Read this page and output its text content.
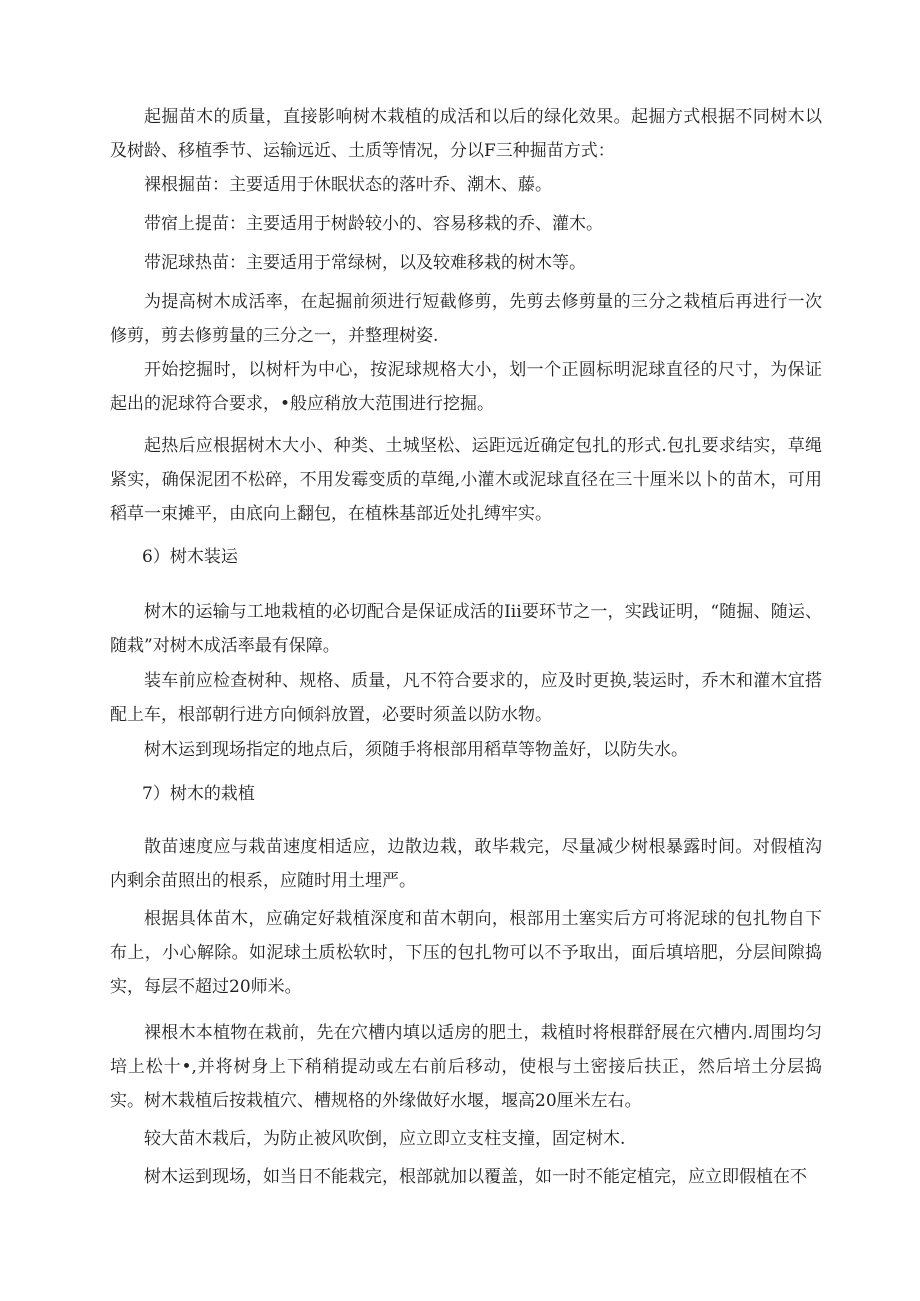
起掘苗木的质量，直接影响树木栽植的成活和以后的绿化效果。起掘方式根据不同树木以及树龄、移植季节、运输远近、土质等情况，分以F三种掘苗方式：

裸根掘苗：主要适用于休眠状态的落叶乔、潮木、藤。

带宿上提苗：主要适用于树龄较小的、容易移栽的乔、灌木。

带泥球热苗：主要适用于常绿树，以及较难移栽的树木等。

为提高树木成活率，在起掘前须进行短截修剪，先剪去修剪量的三分之栽植后再进行一次修剪，剪去修剪量的三分之一，并整理树姿.

开始挖掘时，以树杆为中心，按泥球规格大小，划一个正圆标明泥球直径的尺寸，为保证起出的泥球符合要求，•般应稍放大范围进行挖掘。

起热后应根据树木大小、种类、土城坚松、运距远近确定包扎的形式.包扎要求结实，草绳紧实，确保泥团不松碎，不用发霉变质的草绳,小灌木或泥球直径在三十厘米以卜的苗木，可用稻草一束摊平，由底向上翻包，在植株基部近处扎缚牢实。

6）树木装运

树木的运输与工地栽植的必切配合是保证成活的Iii要环节之一，实践证明，“随掘、随运、随栽”对树木成活率最有保障。

装车前应检查树种、规格、质量，凡不符合要求的，应及时更换,装运时，乔木和灌木宜搭配上车，根部朝行进方向倾斜放置，必要时须盖以防水物。

树木运到现场指定的地点后，须随手将根部用稻草等物盖好，以防失水。

7）树木的栽植

散苗速度应与栽苗速度相适应，边散边栽，敢毕栽完，尽量减少树根暴露时间。对假植沟内剩余苗照出的根系，应随时用土埋严。

根据具体苗木，应确定好栽植深度和苗木朝向，根部用土塞实后方可将泥球的包扎物自下布上，小心解除。如泥球土质松软时，下压的包扎物可以不予取出，面后填培肥，分层间隙捣实，每层不超过20师米。

裸根木本植物在栽前，先在穴槽内填以适房的肥土，栽植时将根群舒展在穴槽内.周围均匀培上松十•,并将树身上下稍稍提动或左右前后移动，使根与土密接后扶正，然后培土分层捣实。 树木栽植后按栽植穴、槽规格的外缘做好水堰，堰高20厘米左右。

较大苗木栽后，为防止被风吹倒，应立即立支柱支撞，固定树木.

树木运到现场，如当日不能栽完，根部就加以覆盖，如一时不能定植完，应立即假植在不
